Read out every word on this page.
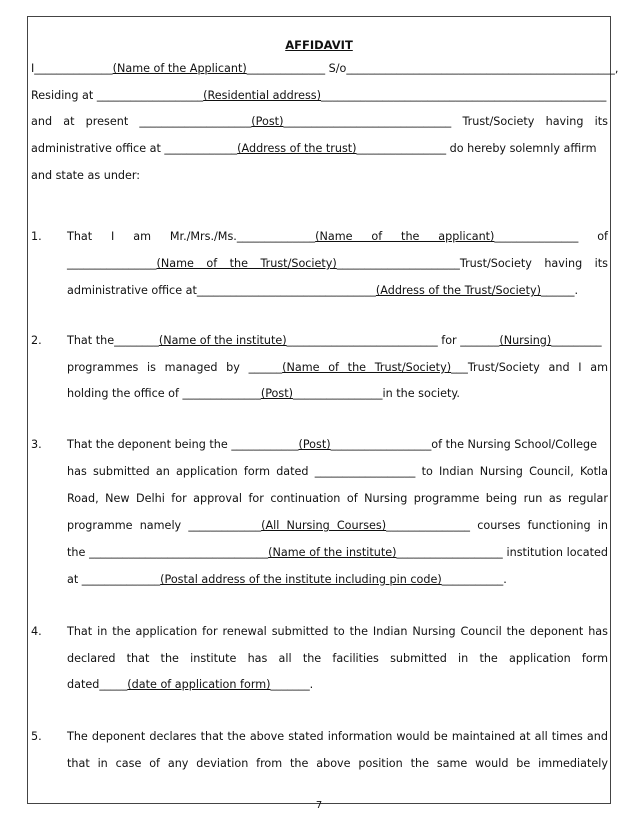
AFFIDAVIT
I______________(Name of the Applicant)______________ S/o________________________________________________,
Residing at ___________________(Residential address)___________________________________________________
and at present ____________________(Post)______________________________ Trust/Society having its
administrative office at _____________(Address of the trust)________________ do hereby solemnly affirm
and state as under:
1. That I am Mr./Mrs./Ms.______________(Name of the applicant)_______________ of
________________(Name of the Trust/Society)______________________Trust/Society having its
administrative office at________________________________(Address of the Trust/Society)______.
2. That the________(Name of the institute)___________________________ for _______(Nursing)_________
programmes is managed by ______(Name of the Trust/Society)___Trust/Society and I am
holding the office of ______________(Post)________________in the society.
3. That the deponent being the ____________(Post)__________________of the Nursing School/College
has submitted an application form dated __________________ to Indian Nursing Council, Kotla
Road, New Delhi for approval for continuation of Nursing programme being run as regular
programme namely _____________(All Nursing Courses)_______________ courses functioning in
the ________________________________(Name of the institute)___________________ institution located
at ______________(Postal address of the institute including pin code)___________.
4. That in the application for renewal submitted to the Indian Nursing Council the deponent has
declared that the institute has all the facilities submitted in the application form
dated_____(date of application form)_______.
5. The deponent declares that the above stated information would be maintained at all times and
that in case of any deviation from the above position the same would be immediately
7
